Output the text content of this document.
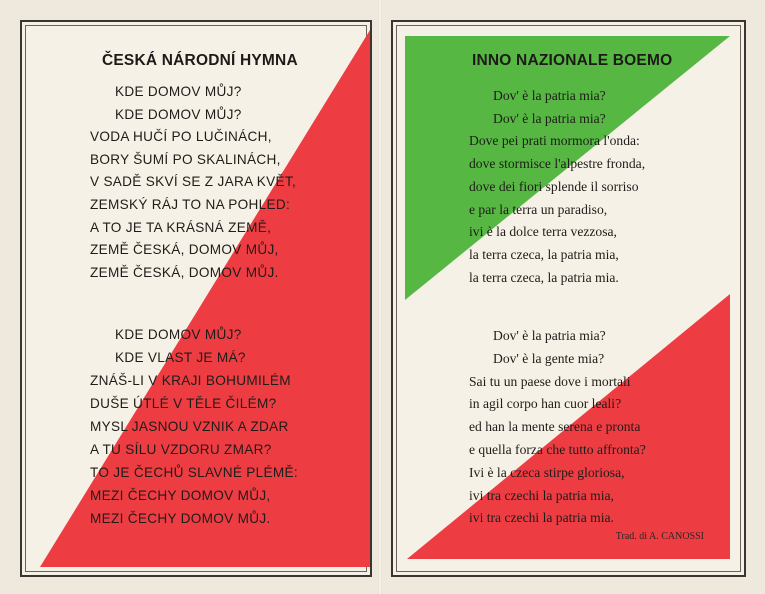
ČESKÁ NÁRODNÍ HYMNA
KDE DOMOV MŮJ?
KDE DOMOV MŮJ?
VODA HUČÍ PO LUČINÁCH,
BORY ŠUMÍ PO SKALINÁCH,
V SADĚ SKVÍ SE Z JARA KVĚT,
ZEMSKÝ RÁJ TO NA POHLED:
A TO JE TA KRÁSNÁ ZEMĚ,
ZEMĚ ČESKÁ, DOMOV MŮJ,
ZEMĚ ČESKÁ, DOMOV MŮJ.
KDE DOMOV MŮJ?
KDE VLAST JE MÁ?
ZNÁŠ-LI V KRAJI BOHUMILÉM
DUŠE ÚTLÉ V TĚLE ČILÉM?
MYSL JASNOU VZNIK A ZDAR
A TU SÍLU VZDORU ZMAR?
TO JE ČECHŮ SLAVNÉ PLÉMĚ:
MEZI ČECHY DOMOV MŮJ,
MEZI ČECHY DOMOV MŮJ.
INNO NAZIONALE BOEMO
Dov' è la patria mia?
Dov' è la patria mia?
Dove pei prati mormora l'onda:
dove stormisce l'alpestre fronda,
dove dei fiori splende il sorriso
e par la terra un paradiso,
ivi è la dolce terra vezzosa,
la terra czeca, la patria mia,
la terra czeca, la patria mia.
Dov' è la patria mia?
Dov' è la gente mia?
Sai tu un paese dove i mortali
in agil corpo han cuor leali?
ed han la mente serena e pronta
e quella forza che tutto affronta?
Ivi è la czeca stirpe gloriosa,
ivi tra czechi la patria mia,
ivi tra czechi la patria mia.
Trad. di A. CANOSSI
